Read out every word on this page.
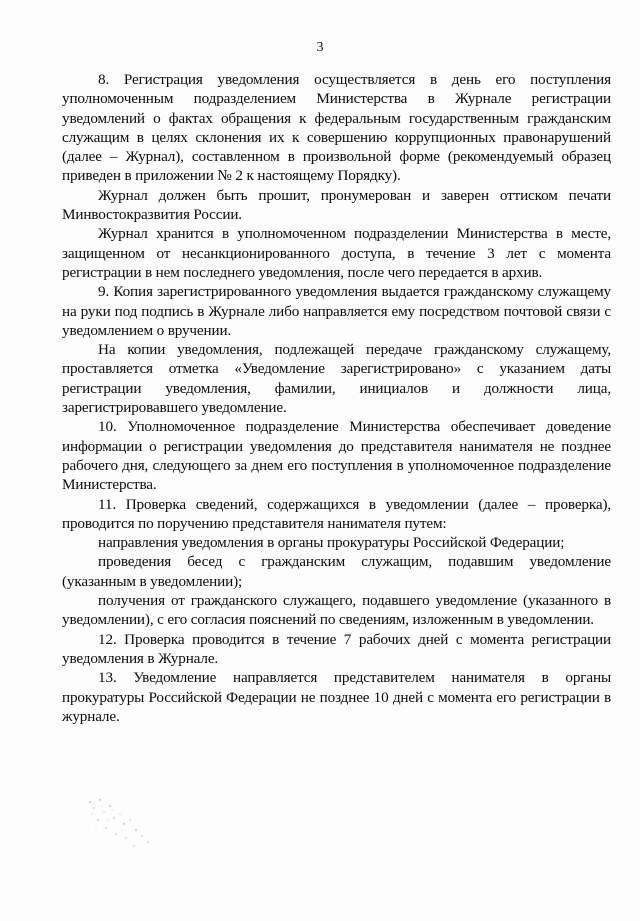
3

8. Регистрация уведомления осуществляется в день его поступления уполномоченным подразделением Министерства в Журнале регистрации уведомлений о фактах обращения к федеральным государственным гражданским служащим в целях склонения их к совершению коррупционных правонарушений (далее – Журнал), составленном в произвольной форме (рекомендуемый образец приведен в приложении № 2 к настоящему Порядку).

Журнал должен быть прошит, пронумерован и заверен оттиском печати Минвостокразвития России.

Журнал хранится в уполномоченном подразделении Министерства в месте, защищенном от несанкционированного доступа, в течение 3 лет с момента регистрации в нем последнего уведомления, после чего передается в архив.

9. Копия зарегистрированного уведомления выдается гражданскому служащему на руки под подпись в Журнале либо направляется ему посредством почтовой связи с уведомлением о вручении.

На копии уведомления, подлежащей передаче гражданскому служащему, проставляется отметка «Уведомление зарегистрировано» с указанием даты регистрации уведомления, фамилии, инициалов и должности лица, зарегистрировавшего уведомление.

10. Уполномоченное подразделение Министерства обеспечивает доведение информации о регистрации уведомления до представителя нанимателя не позднее рабочего дня, следующего за днем его поступления в уполномоченное подразделение Министерства.

11. Проверка сведений, содержащихся в уведомлении (далее – проверка), проводится по поручению представителя нанимателя путем:

направления уведомления в органы прокуратуры Российской Федерации;

проведения бесед с гражданским служащим, подавшим уведомление (указанным в уведомлении);

получения от гражданского служащего, подавшего уведомление (указанного в уведомлении), с его согласия пояснений по сведениям, изложенным в уведомлении.

12. Проверка проводится в течение 7 рабочих дней с момента регистрации уведомления в Журнале.

13. Уведомление направляется представителем нанимателя в органы прокуратуры Российской Федерации не позднее 10 дней с момента его регистрации в журнале.
